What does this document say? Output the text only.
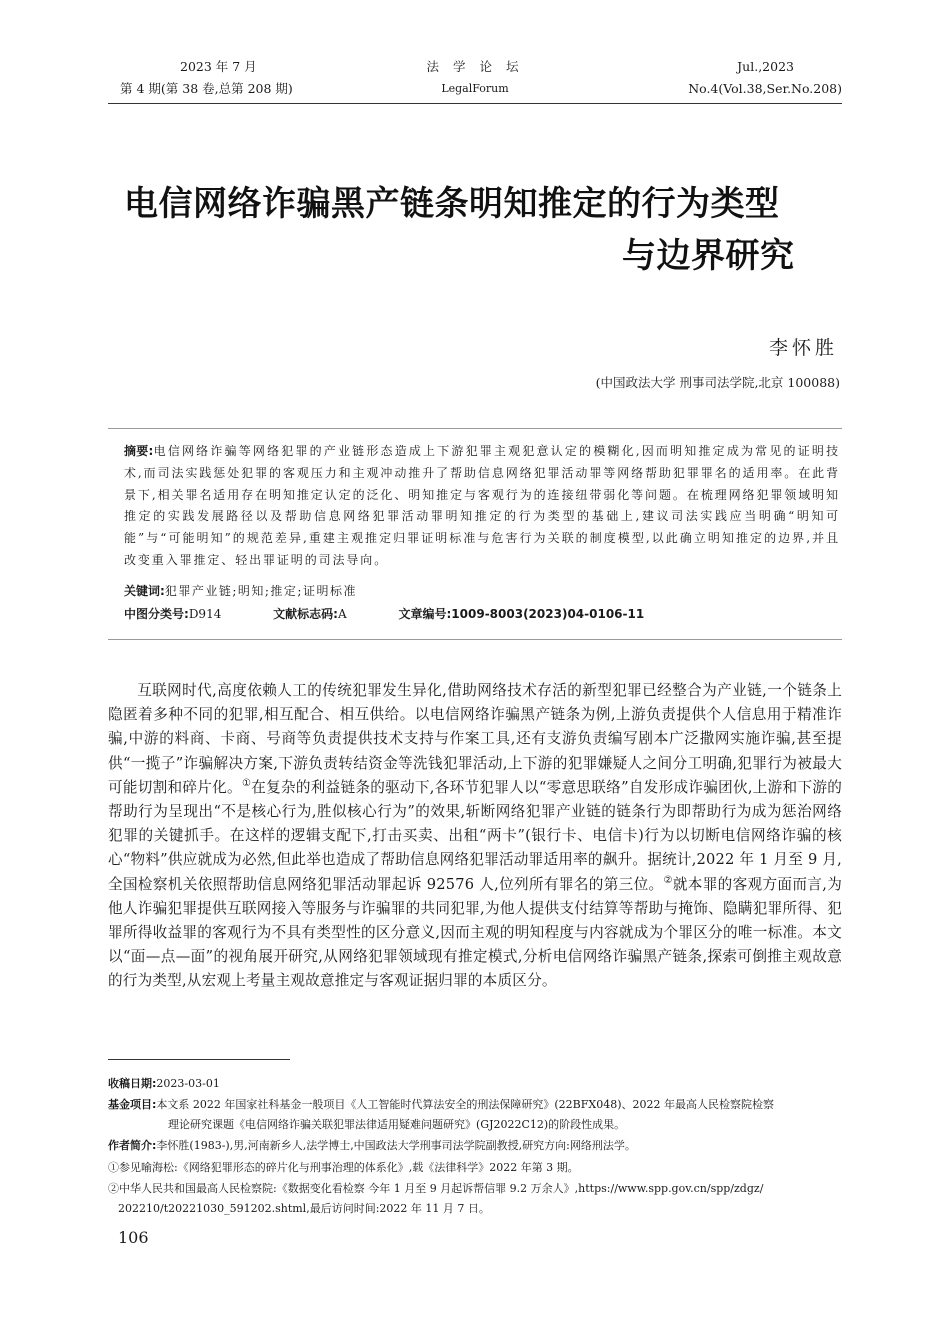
2023 年 7 月
第 4 期(第 38 卷,总第 208 期)
法 学 论 坛
LegalForum
Jul.,2023
No.4(Vol.38,Ser.No.208)
电信网络诈骗黑产链条明知推定的行为类型
与边界研究
李怀胜
(中国政法大学 刑事司法学院,北京 100088)
摘要:电信网络诈骗等网络犯罪的产业链形态造成上下游犯罪主观犯意认定的模糊化,因而明知推定成为常见的证明技术,而司法实践惩处犯罪的客观压力和主观冲动推升了帮助信息网络犯罪活动罪等网络帮助犯罪罪名的适用率。在此背景下,相关罪名适用存在明知推定认定的泛化、明知推定与客观行为的连接纽带弱化等问题。在梳理网络犯罪领域明知推定的实践发展路径以及帮助信息网络犯罪活动罪明知推定的行为类型的基础上,建议司法实践应当明确“明知可能”与“可能明知”的规范差异,重建主观推定归罪证明标准与危害行为关联的制度模型,以此确立明知推定的边界,并且改变重入罪推定、轻出罪证明的司法导向。
关键词:犯罪产业链;明知;推定;证明标准
中图分类号:D914	文献标志码:A	文章编号:1009-8003(2023)04-0106-11

互联网时代,高度依赖人工的传统犯罪发生异化,借助网络技术存活的新型犯罪已经整合为产业链,一个链条上隐匿着多种不同的犯罪,相互配合、相互供给。以电信网络诈骗黑产链条为例,上游负责提供个人信息用于精准诈骗,中游的料商、卡商、号商等负责提供技术支持与作案工具,还有支游负责编写剧本广泛撒网实施诈骗,甚至提供“一揽子”诈骗解决方案,下游负责转结资金等洗钱犯罪活动,上下游的犯罪嫌疑人之间分工明确,犯罪行为被最大可能切割和碎片化。①在复杂的利益链条的驱动下,各环节犯罪人以“零意思联络”自发形成诈骗团伙,上游和下游的帮助行为呈现出“不是核心行为,胜似核心行为”的效果,斩断网络犯罪产业链的链条行为即帮助行为成为惩治网络犯罪的关键抓手。在这样的逻辑支配下,打击买卖、出租“两卡”(银行卡、电信卡)行为以切断电信网络诈骗的核心“物料”供应就成为必然,但此举也造成了帮助信息网络犯罪活动罪适用率的飙升。据统计,2022 年 1 月至 9 月,全国检察机关依照帮助信息网络犯罪活动罪起诉 92576 人,位列所有罪名的第三位。②就本罪的客观方面而言,为他人诈骗犯罪提供互联网接入等服务与诈骗罪的共同犯罪,为他人提供支付结算等帮助与掩饰、隐瞒犯罪所得、犯罪所得收益罪的客观行为不具有类型性的区分意义,因而主观的明知程度与内容就成为个罪区分的唯一标准。本文以“面—点—面”的视角展开研究,从网络犯罪领域现有推定模式,分析电信网络诈骗黑产链条,探索可倒推主观故意的行为类型,从宏观上考量主观故意推定与客观证据归罪的本质区分。

收稿日期:2023-03-01
基金项目:本文系 2022 年国家社科基金一般项目《人工智能时代算法安全的刑法保障研究》(22BFX048)、2022 年最高人民检察院检察
理论研究课题《电信网络诈骗关联犯罪法律适用疑难问题研究》(GJ2022C12)的阶段性成果。
作者简介:李怀胜(1983-),男,河南新乡人,法学博士,中国政法大学刑事司法学院副教授,研究方向:网络刑法学。
①参见喻海松:《网络犯罪形态的碎片化与刑事治理的体系化》,载《法律科学》2022 年第 3 期。
②中华人民共和国最高人民检察院:《数据变化看检察 今年 1 月至 9 月起诉帮信罪 9.2 万余人》,https://www.spp.gov.cn/spp/zdgz/
202210/t20221030_591202.shtml,最后访问时间:2022 年 11 月 7 日。
106
